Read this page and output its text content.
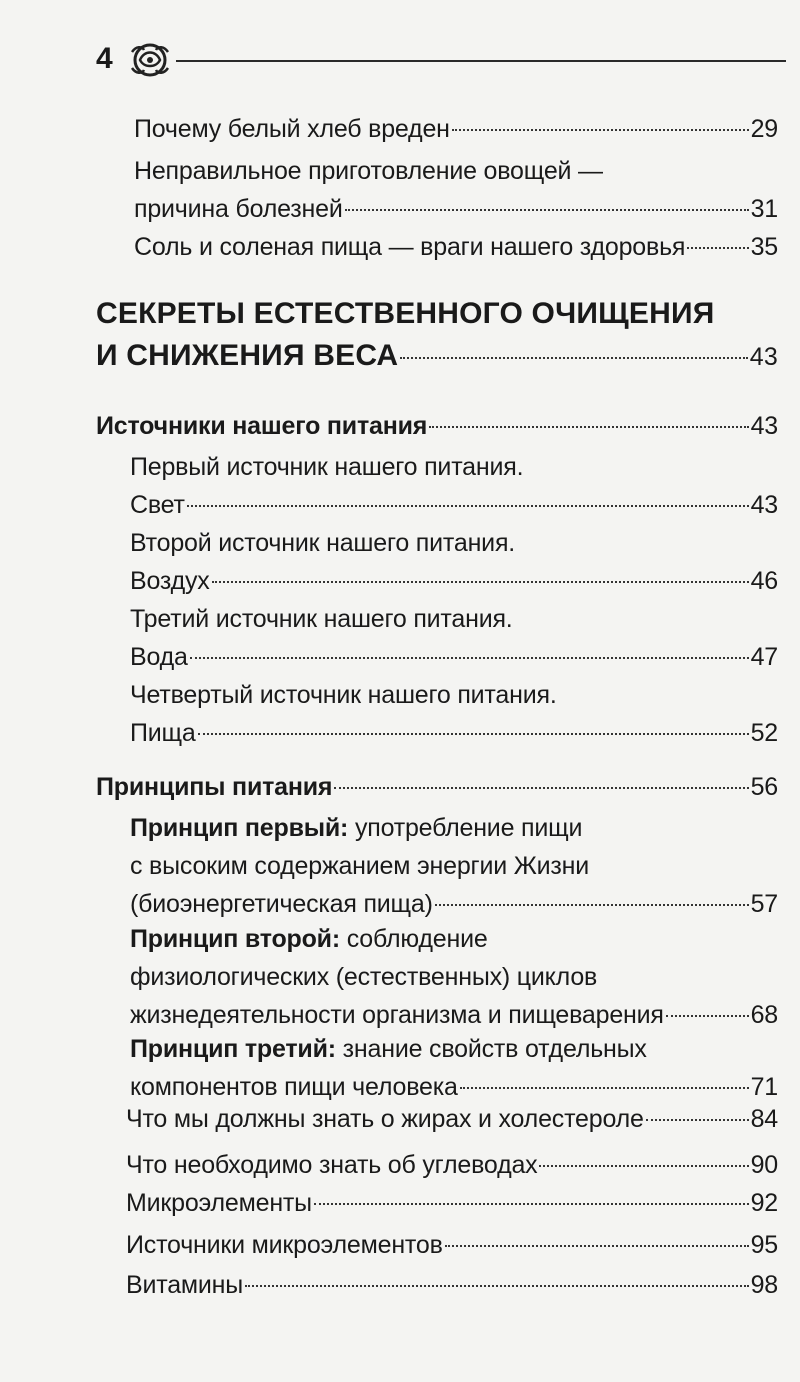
4
Почему белый хлеб вреден	29
Неправильное приготовление овощей —
причина болезней	31
Соль и соленая пища — враги нашего здоровья	35
СЕКРЕТЫ ЕСТЕСТВЕННОГО ОЧИЩЕНИЯ
И СНИЖЕНИЯ ВЕСА	43
Источники нашего питания	43
Первый источник нашего питания.
Свет	43
Второй источник нашего питания.
Воздух	46
Третий источник нашего питания.
Вода	47
Четвертый источник нашего питания.
Пища	52
Принципы питания	56
Принцип первый:
употребление пищи
с высоким содержанием энергии Жизни
(биоэнергетическая пища)	57
Принцип второй:
соблюдение
физиологических (естественных) циклов
жизнедеятельности организма и пищеварения	68
Принцип третий:
знание свойств отдельных
компонентов пищи человека	71
Что мы должны знать о жирах и холестероле	84
Что необходимо знать об углеводах	90
Микроэлементы	92
Источники микроэлементов	95
Витамины	98
